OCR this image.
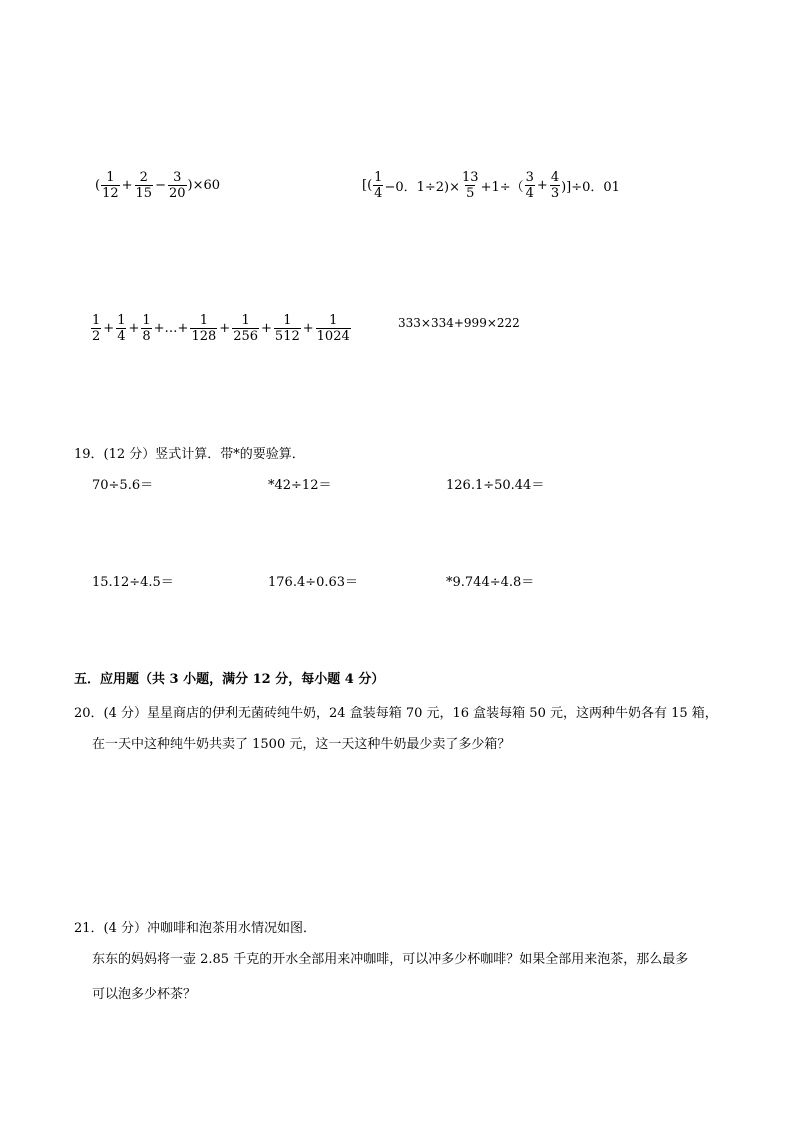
( $\frac{1}{12} + \frac{2}{15} - \frac{3}{20} )\times 60$	[( $\frac{1}{4} -0$．$1\div 2)\times \frac{13}{5} +1\div( \frac{3}{4} + \frac{4}{3} )]\div 0$．01
$\frac{1}{2} + \frac{1}{4} + \frac{1}{8}$ +…+ $\frac{1}{128} + \frac{1}{256} + \frac{1}{512} + \frac{1}{1024}$	333×334+999×222
19．(12 分）竖式计算．带*的要验算．
70÷5.6＝	*42÷12＝	126.1÷50.44＝
15.12÷4.5＝	176.4÷0.63＝	*9.744÷4.8＝
五．应用题（共 3 小题，满分 12 分，每小题 4 分）
20．(4 分）星星商店的伊利无菌砖纯牛奶，24 盒装每箱 70 元，16 盒装每箱 50 元，这两种牛奶各有 15 箱，
在一天中这种纯牛奶共卖了 1500 元，这一天这种牛奶最少卖了多少箱？
21．(4 分）冲咖啡和泡茶用水情况如图．
东东的妈妈将一壶 2.85 千克的开水全部用来冲咖啡，可以冲多少杯咖啡？如果全部用来泡茶，那么最多
可以泡多少杯茶？
